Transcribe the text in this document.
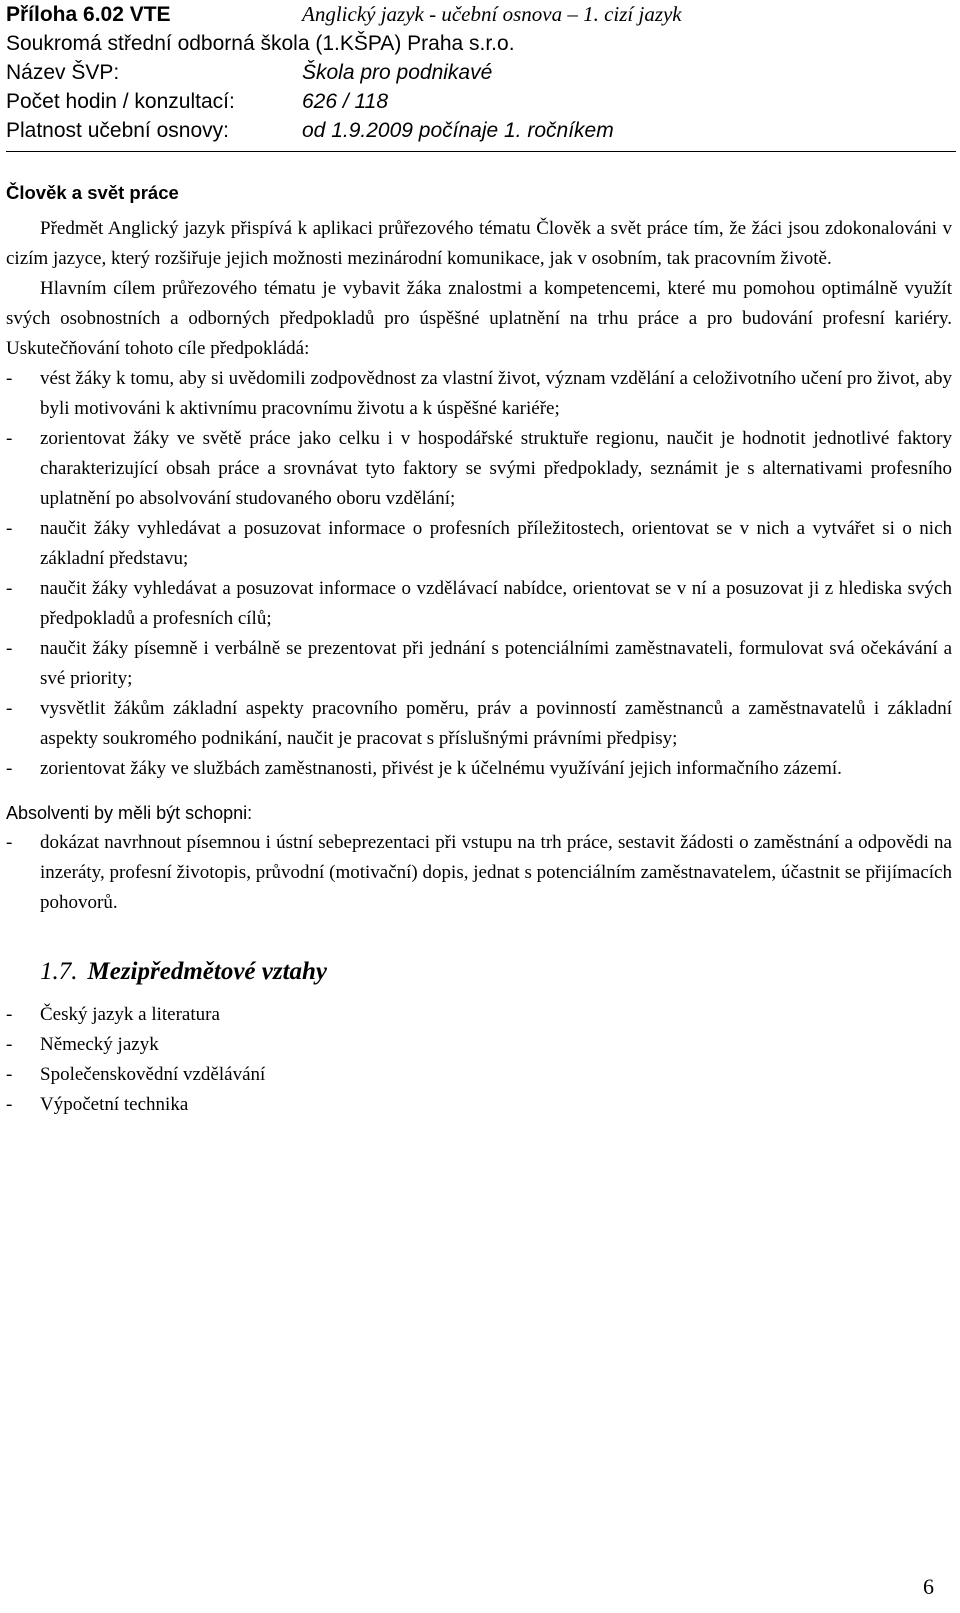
Příloha 6.02 VTE	Anglický jazyk - učební osnova – 1. cizí jazyk
Soukromá střední odborná škola (1.KŠPA) Praha s.r.o.
Název ŠVP:	Škola pro podnikavé
Počet hodin / konzultací:	626 / 118
Platnost učební osnovy:	od 1.9.2009 počínaje 1. ročníkem
Člověk a svět práce

Předmět Anglický jazyk přispívá k aplikaci průřezového tématu Člověk a svět práce tím, že žáci jsou zdokonalováni v cizím jazyce, který rozšiřuje jejich možnosti mezinárodní komunikace, jak v osobním, tak pracovním životě.

Hlavním cílem průřezového tématu je vybavit žáka znalostmi a kompetencemi, které mu pomohou optimálně využít svých osobnostních a odborných předpokladů pro úspěšné uplatnění na trhu práce a pro budování profesní kariéry. Uskutečňování tohoto cíle předpokládá:

- vést žáky k tomu, aby si uvědomili zodpovědnost za vlastní život, význam vzdělání a celoživotního učení pro život, aby byli motivováni k aktivnímu pracovnímu životu a k úspěšné kariéře;
- zorientovat žáky ve světě práce jako celku i v hospodářské struktuře regionu, naučit je hodnotit jednotlivé faktory charakterizující obsah práce a srovnávat tyto faktory se svými předpoklady, seznámit je s alternativami profesního uplatnění po absolvování studovaného oboru vzdělání;
- naučit žáky vyhledávat a posuzovat informace o profesních příležitostech, orientovat se v nich a vytvářet si o nich základní představu;
- naučit žáky vyhledávat a posuzovat informace o vzdělávací nabídce, orientovat se v ní a posuzovat ji z hlediska svých předpokladů a profesních cílů;
- naučit žáky písemně i verbálně se prezentovat při jednání s potenciálními zaměstnavateli, formulovat svá očekávání a své priority;
- vysvětlit žákům základní aspekty pracovního poměru, práv a povinností zaměstnanců a zaměstnavatelů i základní aspekty soukromého podnikání, naučit je pracovat s příslušnými právními předpisy;
- zorientovat žáky ve službách zaměstnanosti, přivést je k účelnému využívání jejich informačního zázemí.
Absolventi by měli být schopni:
- dokázat navrhnout písemnou i ústní sebeprezentaci při vstupu na trh práce, sestavit žádosti o zaměstnání a odpovědi na inzeráty, profesní životopis, průvodní (motivační) dopis, jednat s potenciálním zaměstnavatelem, účastnit se přijímacích pohovorů.
1.7. Mezipředmětové vztahy
- Český jazyk a literatura
- Německý jazyk
- Společenskovědní vzdělávání
- Výpočetní technika
6
